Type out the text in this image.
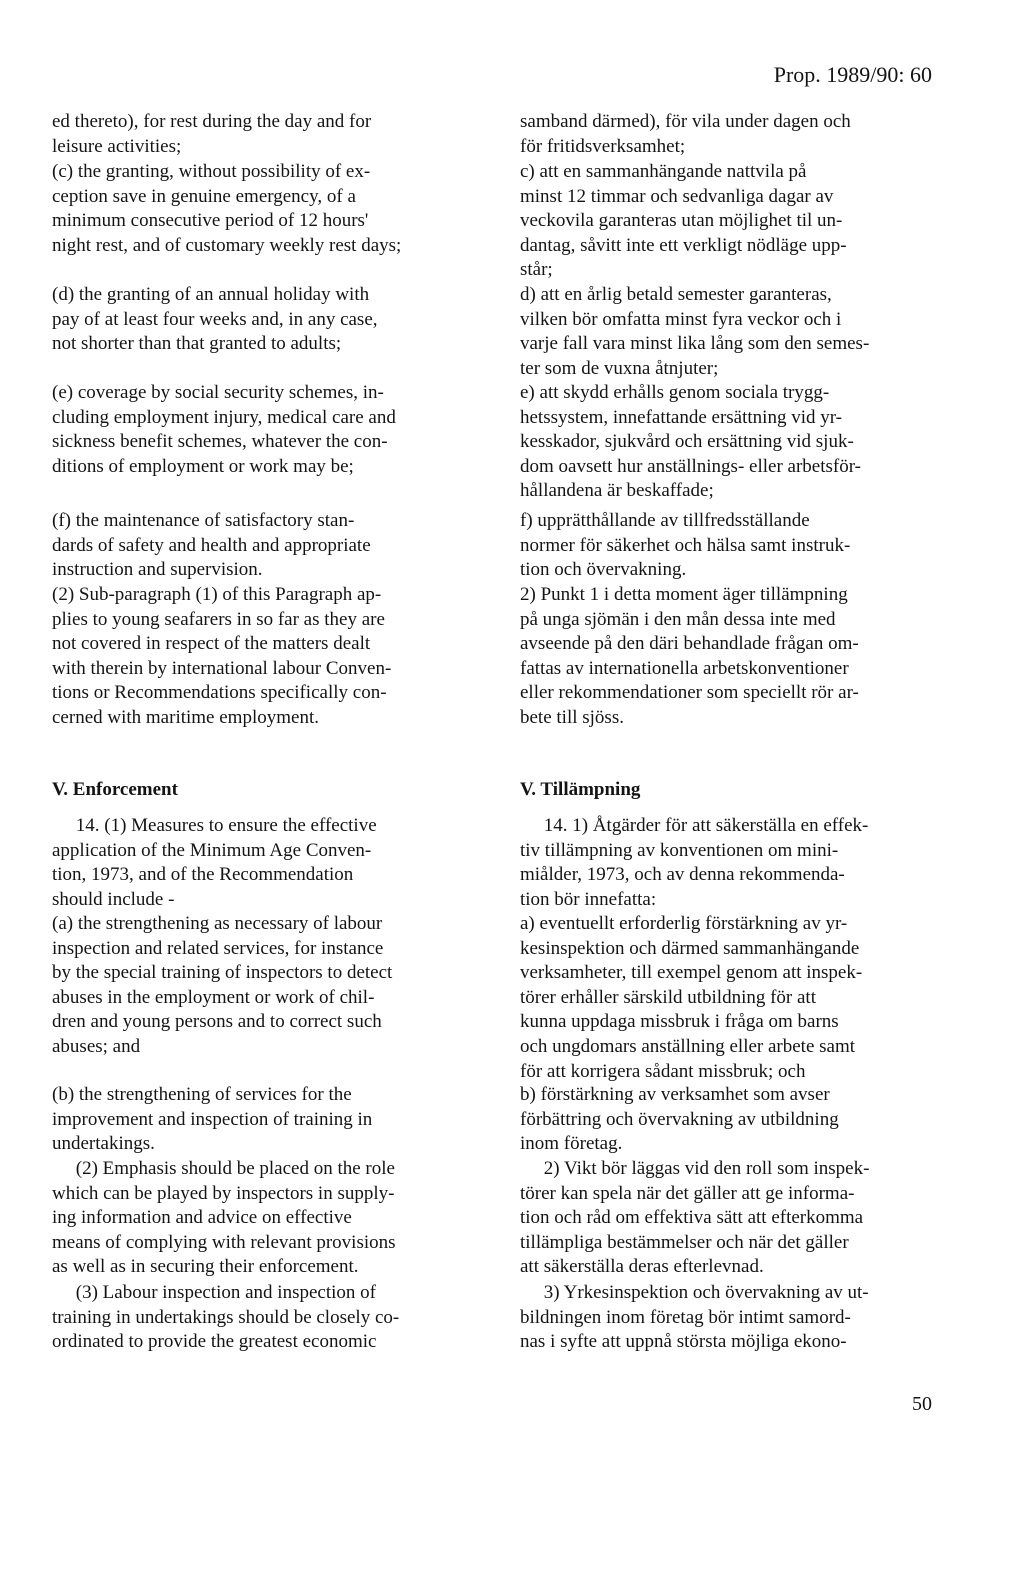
Prop. 1989/90: 60
ed thereto), for rest during the day and for
leisure activities;
(c) the granting, without possibility of ex-
ception save in genuine emergency, of a
minimum consecutive period of 12 hours'
night rest, and of customary weekly rest days;
(d) the granting of an annual holiday with
pay of at least four weeks and, in any case,
not shorter than that granted to adults;
(e) coverage by social security schemes, in-
cluding employment injury, medical care and
sickness benefit schemes, whatever the con-
ditions of employment or work may be;
(f) the maintenance of satisfactory stan-
dards of safety and health and appropriate
instruction and supervision.
(2) Sub-paragraph (1) of this Paragraph ap-
plies to young seafarers in so far as they are
not covered in respect of the matters dealt
with therein by international labour Conven-
tions or Recommendations specifically con-
cerned with maritime employment.
V. Enforcement
14. (1) Measures to ensure the effective
application of the Minimum Age Conven-
tion, 1973, and of the Recommendation
should include -
(a) the strengthening as necessary of labour
inspection and related services, for instance
by the special training of inspectors to detect
abuses in the employment or work of chil-
dren and young persons and to correct such
abuses; and
(b) the strengthening of services for the
improvement and inspection of training in
undertakings.
(2) Emphasis should be placed on the role
which can be played by inspectors in supply-
ing information and advice on effective
means of complying with relevant provisions
as well as in securing their enforcement.
(3) Labour inspection and inspection of
training in undertakings should be closely co-
ordinated to provide the greatest economic
samband därmed), för vila under dagen och
för fritidsverksamhet;
c) att en sammanhängande nattvila på
minst 12 timmar och sedvanliga dagar av
veckovila garanteras utan möjlighet til un-
dantag, såvitt inte ett verkligt nödläge upp-
står;
d) att en årlig betald semester garanteras,
vilken bör omfatta minst fyra veckor och i
varje fall vara minst lika lång som den semes-
ter som de vuxna åtnjuter;
e) att skydd erhålls genom sociala trygg-
hetssystem, innefattande ersättning vid yr-
kesskador, sjukvård och ersättning vid sjuk-
dom oavsett hur anställnings- eller arbetsför-
hållandena är beskaffade;
f) upprätthållande av tillfredsställande
normer för säkerhet och hälsa samt instruk-
tion och övervakning.
2) Punkt 1 i detta moment äger tillämpning
på unga sjömän i den mån dessa inte med
avseende på den däri behandlade frågan om-
fattas av internationella arbetskonventioner
eller rekommendationer som speciellt rör ar-
bete till sjöss.
V. Tillämpning
14. 1) Åtgärder för att säkerställa en effek-
tiv tillämpning av konventionen om mini-
miålder, 1973, och av denna rekommenda-
tion bör innefatta:
a) eventuellt erforderlig förstärkning av yr-
kesinspektion och därmed sammanhängande
verksamheter, till exempel genom att inspek-
törer erhåller särskild utbildning för att
kunna uppdaga missbruk i fråga om barns
och ungdomars anställning eller arbete samt
för att korrigera sådant missbruk; och
b) förstärkning av verksamhet som avser
förbättring och övervakning av utbildning
inom företag.
2) Vikt bör läggas vid den roll som inspek-
törer kan spela när det gäller att ge informa-
tion och råd om effektiva sätt att efterkomma
tillämpliga bestämmelser och när det gäller
att säkerställa deras efterlevnad.
3) Yrkesinspektion och övervakning av ut-
bildningen inom företag bör intimt samord-
nas i syfte att uppnå största möjliga ekono-
50
